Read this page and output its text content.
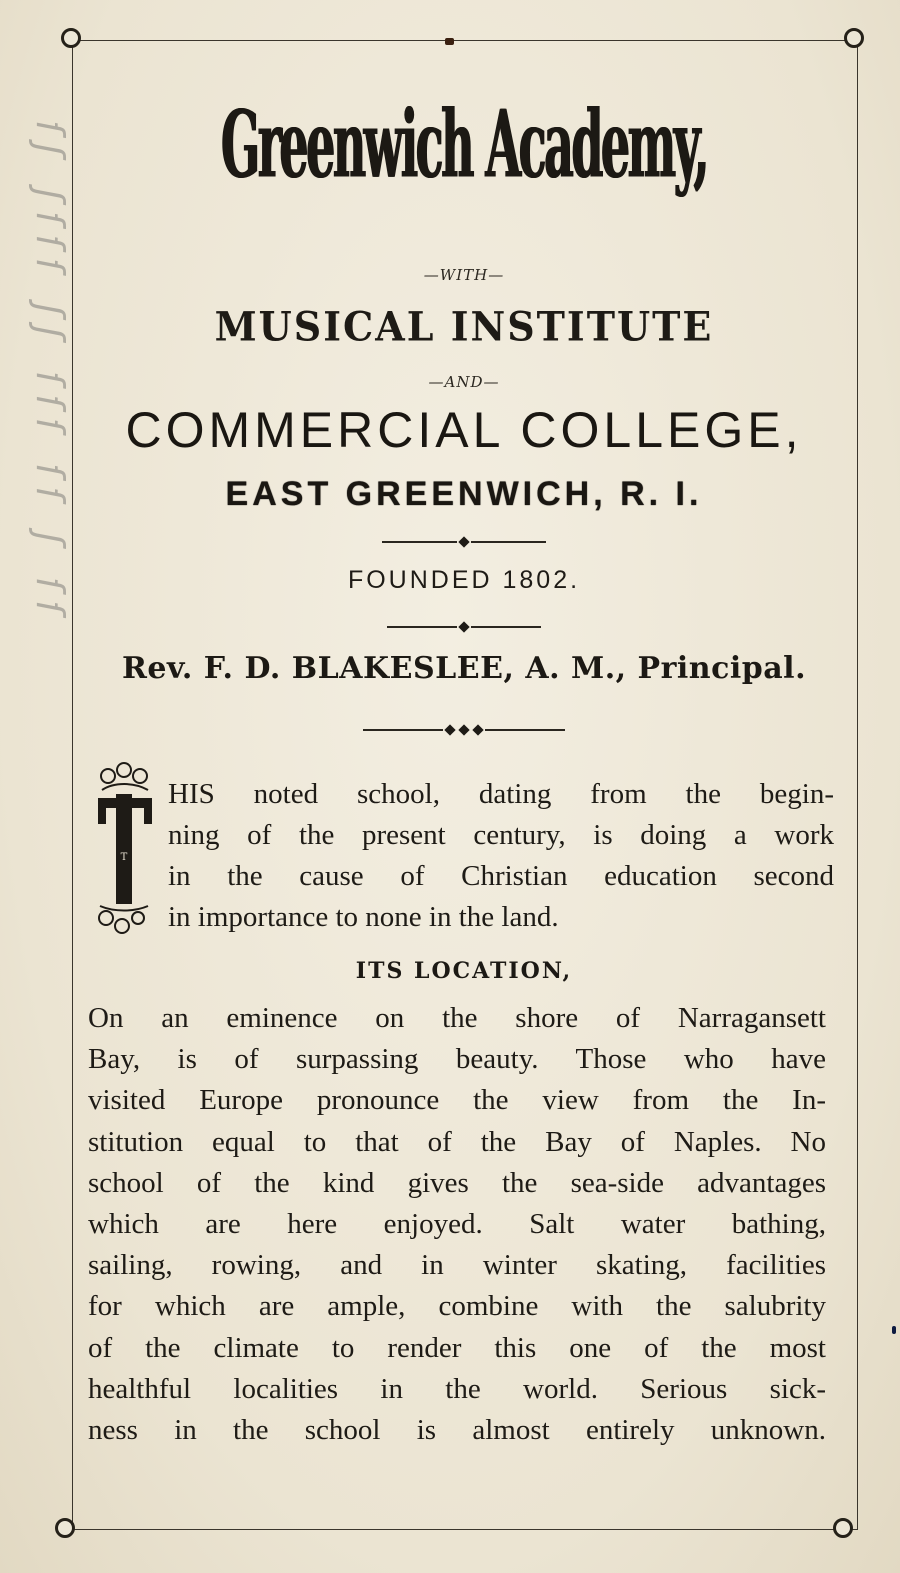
ſʃ ʃſſſ ʃʃ ſſſ ſſ ʃ ſſ Greenwich Academy,
—WITH—
MUSICAL INSTITUTE
—AND—
COMMERCIAL COLLEGE,
EAST GREENWICH, R. I.
FOUNDED 1802.
Rev. F. D. BLAKESLEE, A. M., Principal.
T
HIS noted school, dating from the begin-
ning of the present century, is doing a work
in the cause of Christian education second
in importance to none in the land.
ITS LOCATION,
On an eminence on the shore of Narragansett
Bay, is of surpassing beauty. Those who have
visited Europe pronounce the view from the In-
stitution equal to that of the Bay of Naples. No
school of the kind gives the sea-side advantages
which are here enjoyed. Salt water bathing,
sailing, rowing, and in winter skating, facilities
for which are ample, combine with the salubrity
of the climate to render this one of the most
healthful localities in the world. Serious sick-
ness in the school is almost entirely unknown.
